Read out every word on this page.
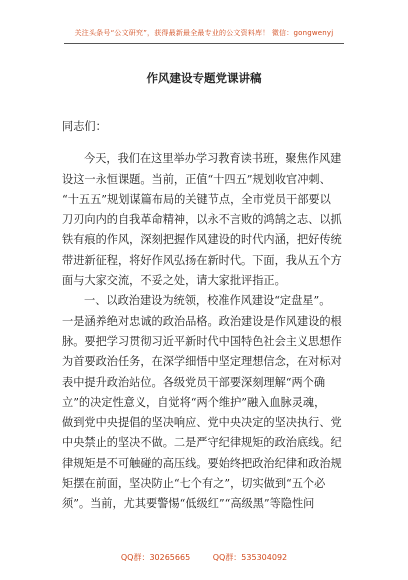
关注头条号“公文研究”，获得最新最全最专业的公文资料库！ 微信：gongwenyj
作风建设专题党课讲稿
同志们：
今天，我们在这里举办学习教育读书班，聚焦作风建
设这一永恒课题。当前，正值“十四五”规划收官冲刺、
“十五五”规划谋篇布局的关键节点，全市党员干部要以
刀刃向内的自我革命精神，以永不言败的鸿鹄之志、以抓
铁有痕的作风，深刻把握作风建设的时代内涵，把好传统
带进新征程，将好作风弘扬在新时代。下面，我从五个方
面与大家交流，不妥之处，请大家批评指正。
一、以政治建设为统领，校准作风建设“定盘星”。
一是涵养绝对忠诚的政治品格。政治建设是作风建设的根
脉。要把学习贯彻习近平新时代中国特色社会主义思想作
为首要政治任务，在深学细悟中坚定理想信念，在对标对
表中提升政治站位。各级党员干部要深刻理解“两个确
立”的决定性意义，自觉将“两个维护”融入血脉灵魂，
做到党中央提倡的坚决响应、党中央决定的坚决执行、党
中央禁止的坚决不做。二是严守纪律规矩的政治底线。纪
律规矩是不可触碰的高压线。要始终把政治纪律和政治规
矩摆在前面，坚决防止“七个有之”，切实做到“五个必
须”。当前，尤其要警惕“低级红”“高级黑”等隐性问
QQ群：30265665	QQ群：535304092
